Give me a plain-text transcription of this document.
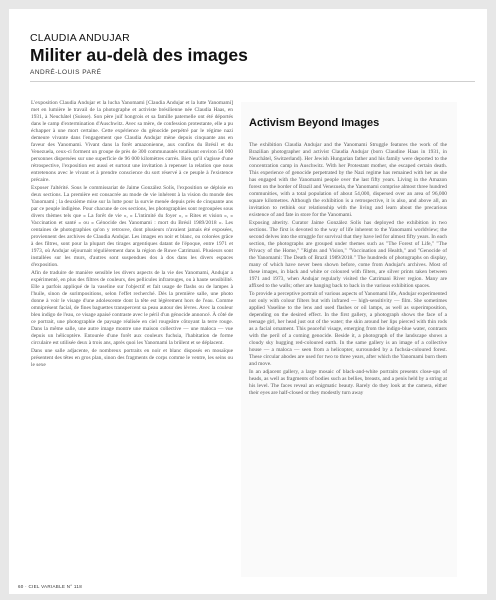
CLAUDIA ANDUJAR
Militer au-delà des images
ANDRÉ-LOUIS PARÉ

L'exposition Claudia Andujar et la lucha Yanomami [Claudia Andujar et la lutte Yanomami] met en lumière le travail de la photographe et activiste brésilienne née Claudia Haas, en 1931, à Neuchâtel (Suisse). Son père juif hongrois et sa famille paternelle ont été déportés dans le camp d'extermination d'Auschwitz. Avec sa mère, de confession protestante, elle a pu échapper à une mort certaine. Cette expérience du génocide perpétré par le régime nazi demeure vivante dans l'engagement que Claudia Andujar mène depuis cinquante ans en faveur des Yanomami. Vivant dans la forêt amazonienne, aux confins du Brésil et du Venezuela, ceux-ci forment un groupe de près de 300 communautés totalisant environ 54 000 personnes dispersées sur une superficie de 96 000 kilomètres carrés. Bien qu'il s'agisse d'une rétrospective, l'exposition est aussi et surtout une invitation à repenser la relation que nous entretenons avec le vivant et à prendre conscience du sort réservé à ce peuple à l'existence précaire.

Exposer l'altérité. Sous le commissariat de Jaime González Solís, l'exposition se déploie en deux sections. La première est consacrée au mode de vie inhérent à la vision du monde des Yanomami ; la deuxième mise sur la lutte pour la survie menée depuis près de cinquante ans par ce peuple indigène. Pour chacune de ces sections, les photographies sont regroupées sous divers thèmes tels que « La forêt de vie », « L'intimité du foyer », « Rites et vision », « Vaccination et santé » ou « Génocide des Yanomami : mort du Brésil 1989/2018 ». Les centaines de photographies qu'on y retrouve, dont plusieurs n'avaient jamais été exposées, proviennent des archives de Claudia Andujar. Les images en noir et blanc, ou colorées grâce à des filtres, sont pour la plupart des tirages argentiques datant de l'époque, entre 1971 et 1973, où Andujar séjournait régulièrement dans la région de Ruwe Catrimani. Plusieurs sont installées sur les murs, d'autres sont suspendues dos à dos dans les divers espaces d'exposition.

Afin de traduire de manière sensible les divers aspects de la vie des Yanomami, Andujar a expérimenté, en plus des filtres de couleurs, des pellicules infrarouges, ou à haute sensibilité. Elle a parfois appliqué de la vaseline sur l'objectif et fait usage de flashs ou de lampes à l'huile, sinon de surimpositions, selon l'effet recherché. Dès la première salle, une photo donne à voir le visage d'une adolescente dont la tête est légèrement hors de l'eau. Comme omniprésent facial, de fines baguettes transpercent sa peau autour des lèvres. Avec la couleur bleu indigo de l'eau, ce visage apaisé contraste avec le péril d'un génocide annoncé. À côté de ce portrait, une photographie de paysage réalisée en ciel rougeâtre côtoyant la terre rouge. Dans la même salle, une autre image montre une maison collective — une maloca — vue depuis un hélicoptère. Entourée d'une forêt aux couleurs fuchsia, l'habitation de forme circulaire est utilisée deux à trois ans, après quoi les Yanomami la brûlent et se déplacent.

Dans une salle adjacente, de nombreux portraits en noir et blanc disposés en mosaïque présentent des têtes en gros plan, sinon des fragments de corps comme le ventre, les seins ou le sexe

Activism Beyond Images

The exhibition Claudia Andujar and the Yanomami Struggle features the work of the Brazilian photographer and activist Claudia Andujar (born Claudine Haas in 1931, in Neuchâtel, Switzerland). Her Jewish Hungarian father and his family were deported to the concentration camp in Auschwitz. With her Protestant mother, she escaped certain death. This experience of genocide perpetrated by the Nazi regime has remained with her as she has engaged with the Yanomami people over the last fifty years. Living in the Amazon forest on the border of Brazil and Venezuela, the Yanomami comprise almost three hundred communities, with a total population of about 54,000, dispersed over an area of 96,000 square kilometres. Although the exhibition is a retrospective, it is also, and above all, an invitation to rethink our relationship with the living and learn about the precarious existence of and fate in store for the Yanomami.

Exposing alterity. Curator Jaime González Solís has deployed the exhibition in two sections. The first is devoted to the way of life inherent to the Yanomami worldview; the second delves into the struggle for survival that they have led for almost fifty years. In each section, the photographs are grouped under themes such as "The Forest of Life," "The Privacy of the Home," "Rights and Vision," "Vaccination and Health," and "Genocide of the Yanomami: The Death of Brazil 1989/2018." The hundreds of photographs on display, many of which have never been shown before, come from Andujar's archives. Most of these images, in black and white or coloured with filters, are silver prints taken between 1971 and 1973, when Andujar regularly visited the Catrimani River region. Many are affixed to the walls; other are hanging back to back in the various exhibition spaces.

To provide a perceptive portrait of various aspects of Yanomami life, Andujar experimented not only with colour filters but with infrared — high-sensitivity — film. She sometimes applied Vaseline to the lens and used flashes or oil lamps, as well as superimposition, depending on the desired effect. In the first gallery, a photograph shows the face of a teenage girl, her head just out of the water; the skin around her lips pierced with thin rods as a facial ornament. This peaceful visage, emerging from the indigo-blue water, contrasts with the peril of a coming genocide. Beside it, a photograph of the landscape shows a cloudy sky hugging red-coloured earth. In the same gallery is an image of a collective house — a maloca — seen from a helicopter, surrounded by a fuchsia-coloured forest. These circular abodes are used for two to three years, after which the Yanomami burn them and move.

In an adjacent gallery, a large mosaic of black-and-white portraits presents close-ups of heads, as well as fragments of bodies such as bellies, breasts, and a penis held by a string at his level. The faces reveal an enigmatic beauty. Rarely do they look at the camera, either their eyes are half-closed or they modestly turn away

60 · CIEL VARIABLE N° 118
